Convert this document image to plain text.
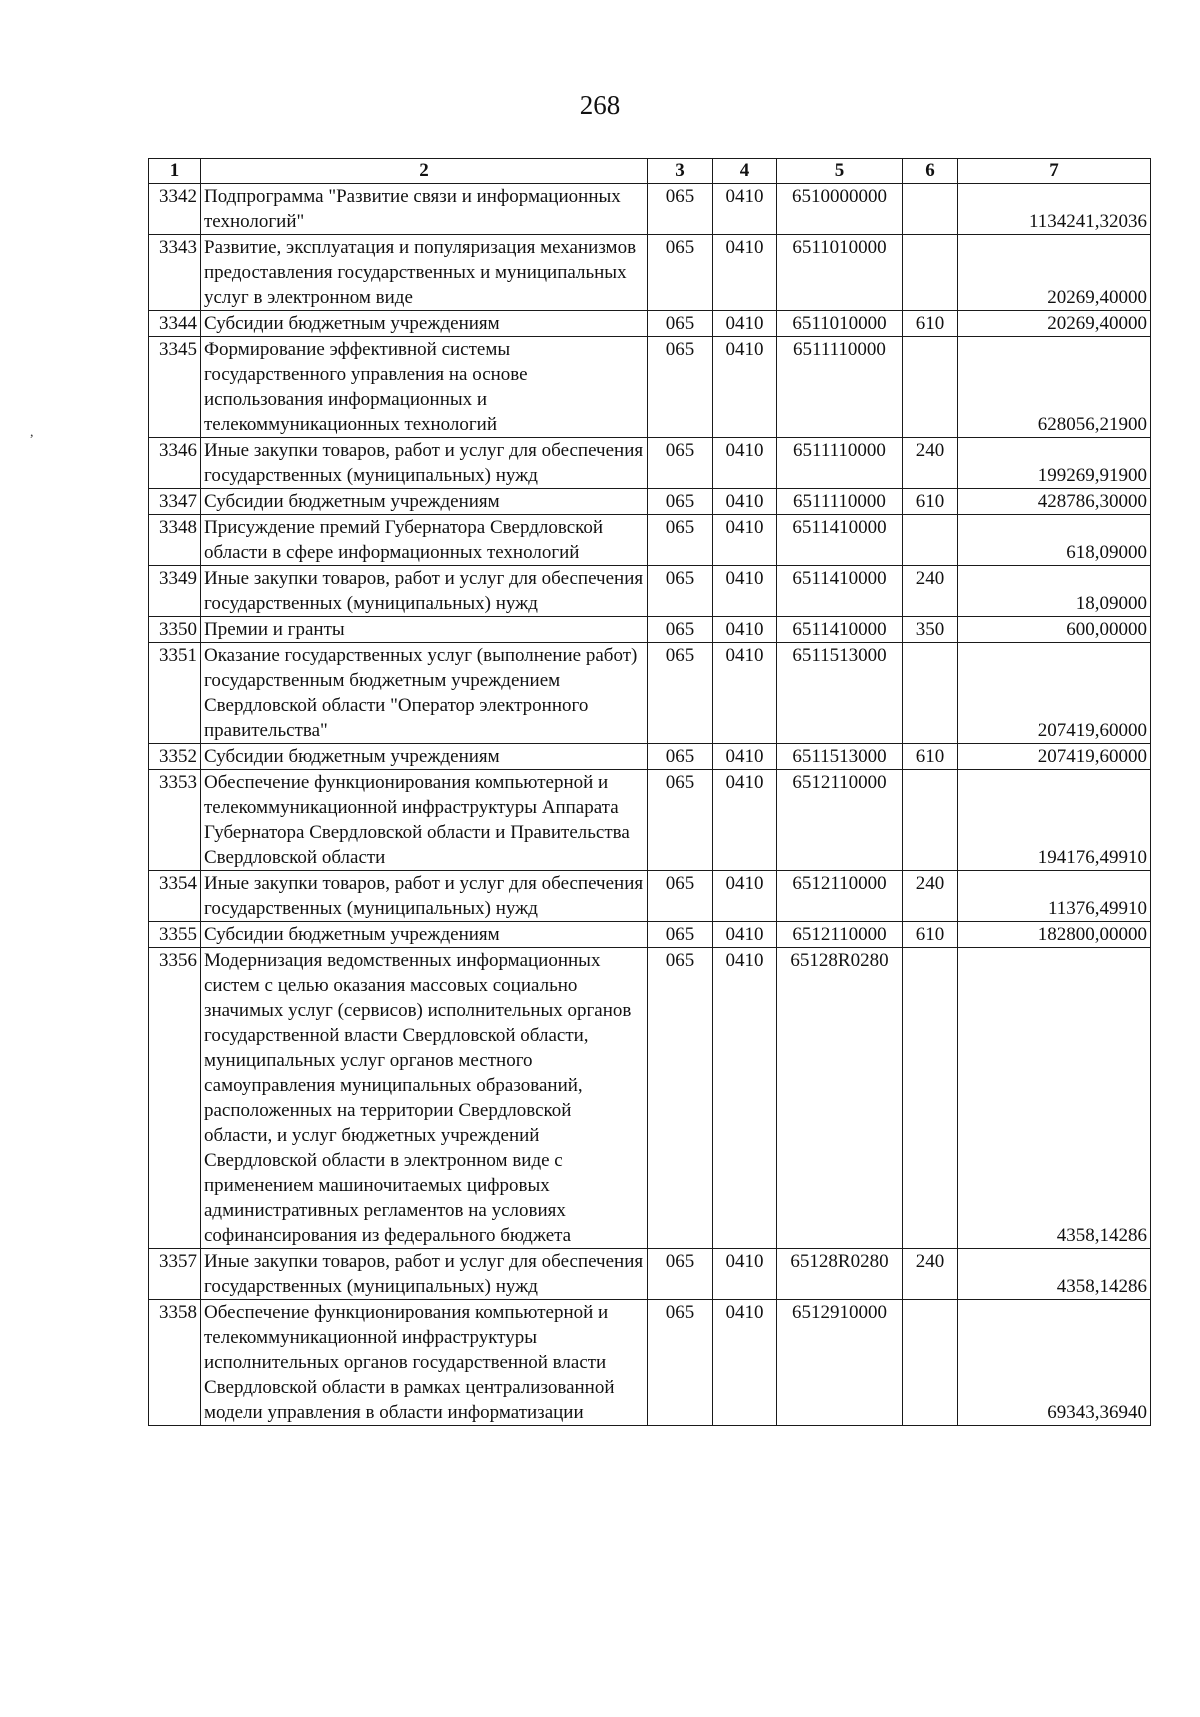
268
,
1	2	3	4	5	6	7
3342	Подпрограмма "Развитие связи и информационных технологий"	065	0410	6510000000		1134241,32036
3343	Развитие, эксплуатация и популяризация механизмов предоставления государственных и муниципальных услуг в электронном виде	065	0410	6511010000		20269,40000
3344	Субсидии бюджетным учреждениям	065	0410	6511010000	610	20269,40000
3345	Формирование эффективной системы государственного управления на основе использования информационных и телекоммуникационных технологий	065	0410	6511110000		628056,21900
3346	Иные закупки товаров, работ и услуг для обеспечения государственных (муниципальных) нужд	065	0410	6511110000	240	199269,91900
3347	Субсидии бюджетным учреждениям	065	0410	6511110000	610	428786,30000
3348	Присуждение премий Губернатора Свердловской области в сфере информационных технологий	065	0410	6511410000		618,09000
3349	Иные закупки товаров, работ и услуг для обеспечения государственных (муниципальных) нужд	065	0410	6511410000	240	18,09000
3350	Премии и гранты	065	0410	6511410000	350	600,00000
3351	Оказание государственных услуг (выполнение работ) государственным бюджетным учреждением Свердловской области "Оператор электронного правительства"	065	0410	6511513000		207419,60000
3352	Субсидии бюджетным учреждениям	065	0410	6511513000	610	207419,60000
3353	Обеспечение функционирования компьютерной и телекоммуникационной инфраструктуры Аппарата Губернатора Свердловской области и Правительства Свердловской области	065	0410	6512110000		194176,49910
3354	Иные закупки товаров, работ и услуг для обеспечения государственных (муниципальных) нужд	065	0410	6512110000	240	11376,49910
3355	Субсидии бюджетным учреждениям	065	0410	6512110000	610	182800,00000
3356	Модернизация ведомственных информационных систем с целью оказания массовых социально значимых услуг (сервисов) исполнительных органов государственной власти Свердловской области, муниципальных услуг органов местного самоуправления муниципальных образований, расположенных на территории Свердловской области, и услуг бюджетных учреждений Свердловской области в электронном виде с применением машиночитаемых цифровых административных регламентов на условиях софинансирования из федерального бюджета	065	0410	65128R0280		4358,14286
3357	Иные закупки товаров, работ и услуг для обеспечения государственных (муниципальных) нужд	065	0410	65128R0280	240	4358,14286
3358	Обеспечение функционирования компьютерной и телекоммуникационной инфраструктуры исполнительных органов государственной власти Свердловской области в рамках централизованной модели управления в области информатизации	065	0410	6512910000		69343,36940
